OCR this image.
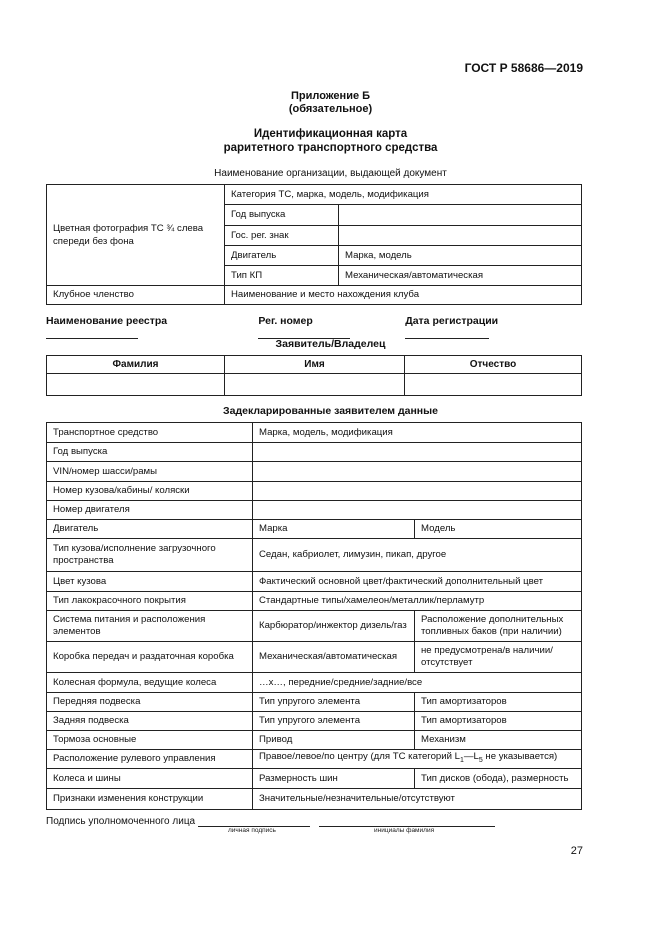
ГОСТ Р 58686—2019
Приложение Б
(обязательное)
Идентификационная карта
раритетного транспортного средства
Наименование организации, выдающей документ
Цветная фотография ТС ¾ слева спереди без фона	Категория ТС, марка, модель, модификация	
	Год выпуска	
	Гос. рег. знак	
	Двигатель	Марка, модель
	Тип КП	Механическая/автоматическая
Клубное членство	Наименование и место нахождения клуба	
Наименование реестра	Рег. номер	Дата регистрации
Заявитель/Владелец
Фамилия	Имя	Отчество

Задекларированные заявителем данные
Транспортное средство	Марка, модель, модификация	
Год выпуска		
VIN/номер шасси/рамы		
Номер кузова/кабины/ коляски		
Номер двигателя		
Двигатель	Марка	Модель
Тип кузова/исполнение загрузочного пространства	Седан, кабриолет, лимузин, пикап, другое	
Цвет кузова	Фактический основной цвет/фактический дополнительный цвет	
Тип лакокрасочного покрытия	Стандартные типы/хамелеон/металлик/перламутр	
Система питания и расположения элементов	Карбюратор/инжектор дизель/газ	Расположение дополнительных топливных баков (при наличии)
Коробка передач и раздаточная коробка	Механическая/автоматическая	не предусмотрена/в наличии/ отсутствует
Колесная формула, ведущие колеса	…х…, передние/средние/задние/все	
Передняя подвеска	Тип упругого элемента	Тип амортизаторов
Задняя подвеска	Тип упругого элемента	Тип амортизаторов
Тормоза основные	Привод	Механизм
Расположение рулевого управления	Правое/левое/по центру (для ТС категорий $L_1—L_5$ не указывается)	
Колеса и шины	Размерность шин	Тип дисков (обода), размерность
Признаки изменения конструкции	Значительные/незначительные/отсутствуют	
Подпись уполномоченного лица
личная подпись	инициалы фамилия
27
